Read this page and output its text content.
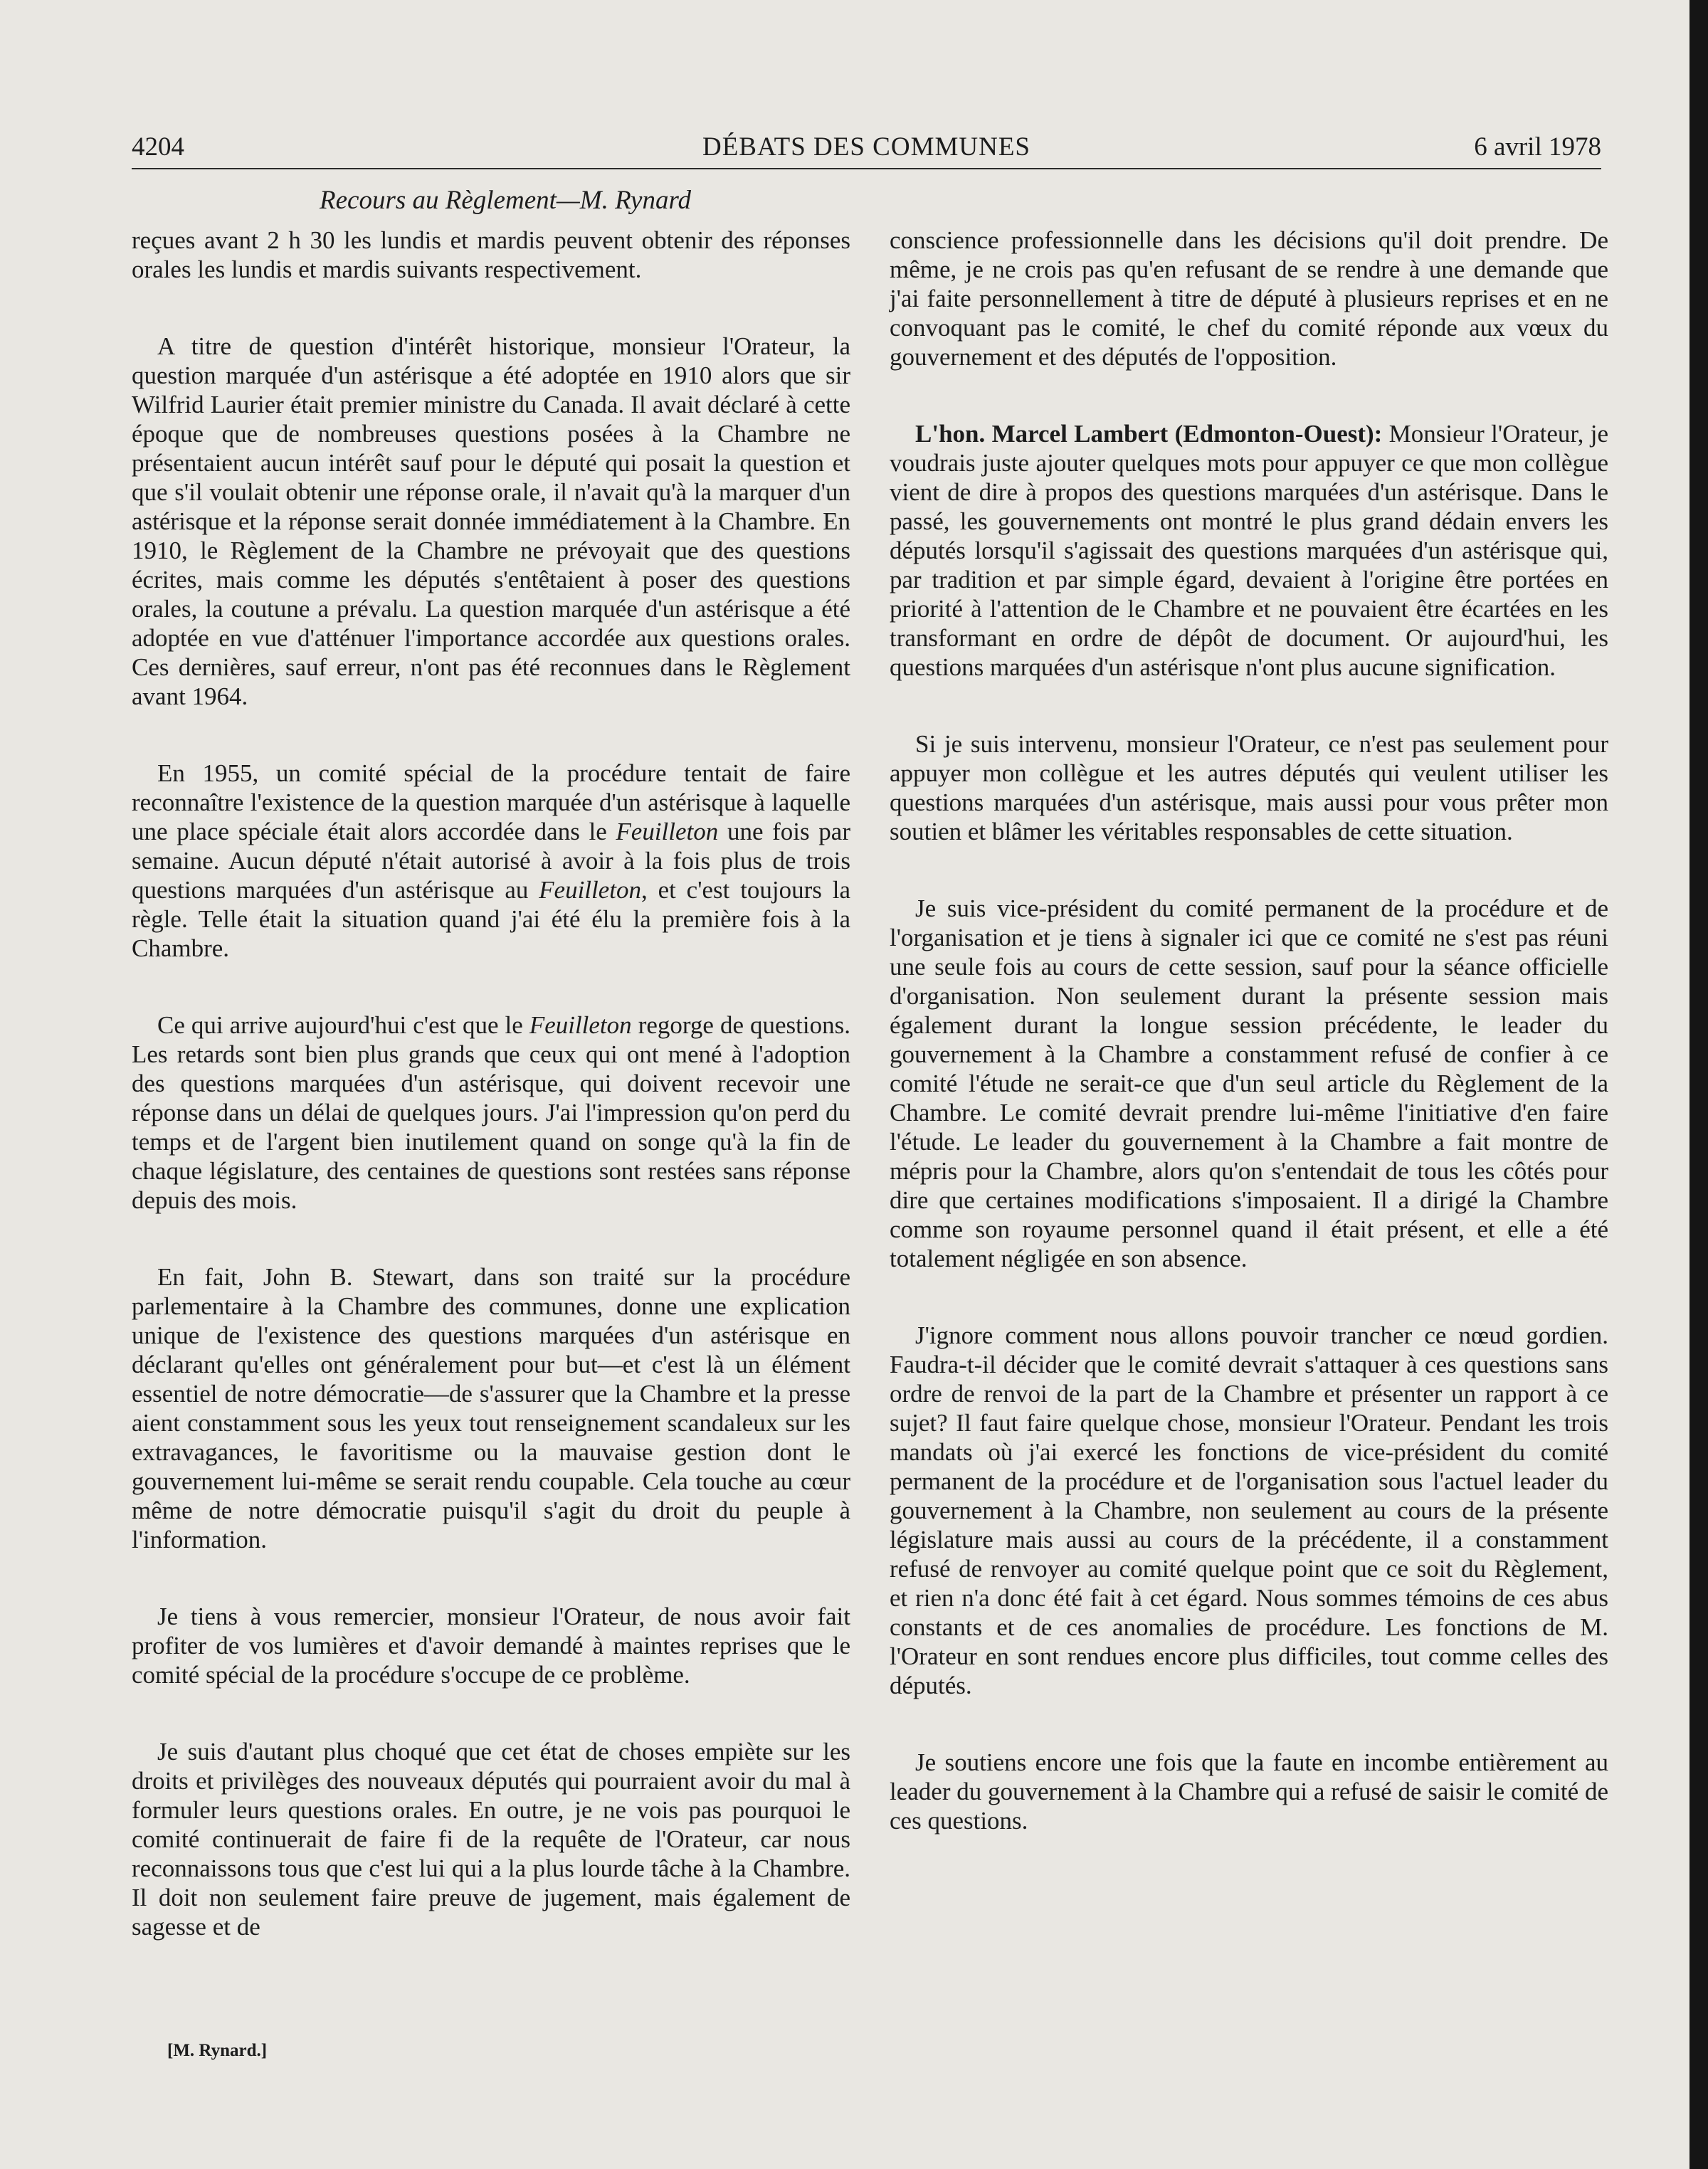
4204	DÉBATS DES COMMUNES	6 avril 1978
Recours au Règlement—M. Rynard

reçues avant 2 h 30 les lundis et mardis peuvent obtenir des réponses orales les lundis et mardis suivants respectivement.

A titre de question d'intérêt historique, monsieur l'Orateur, la question marquée d'un astérisque a été adoptée en 1910 alors que sir Wilfrid Laurier était premier ministre du Canada. Il avait déclaré à cette époque que de nombreuses questions posées à la Chambre ne présentaient aucun intérêt sauf pour le député qui posait la question et que s'il voulait obtenir une réponse orale, il n'avait qu'à la marquer d'un astérisque et la réponse serait donnée immédiatement à la Chambre. En 1910, le Règlement de la Chambre ne prévoyait que des questions écrites, mais comme les députés s'entêtaient à poser des questions orales, la coutune a prévalu. La question marquée d'un astérisque a été adoptée en vue d'atténuer l'importance accordée aux questions orales. Ces dernières, sauf erreur, n'ont pas été reconnues dans le Règlement avant 1964.

En 1955, un comité spécial de la procédure tentait de faire reconnaître l'existence de la question marquée d'un astérisque à laquelle une place spéciale était alors accordée dans le Feuilleton une fois par semaine. Aucun député n'était autorisé à avoir à la fois plus de trois questions marquées d'un astérisque au Feuilleton, et c'est toujours la règle. Telle était la situation quand j'ai été élu la première fois à la Chambre.

Ce qui arrive aujourd'hui c'est que le Feuilleton regorge de questions. Les retards sont bien plus grands que ceux qui ont mené à l'adoption des questions marquées d'un astérisque, qui doivent recevoir une réponse dans un délai de quelques jours. J'ai l'impression qu'on perd du temps et de l'argent bien inutilement quand on songe qu'à la fin de chaque législature, des centaines de questions sont restées sans réponse depuis des mois.

En fait, John B. Stewart, dans son traité sur la procédure parlementaire à la Chambre des communes, donne une explication unique de l'existence des questions marquées d'un astérisque en déclarant qu'elles ont généralement pour but—et c'est là un élément essentiel de notre démocratie—de s'assurer que la Chambre et la presse aient constamment sous les yeux tout renseignement scandaleux sur les extravagances, le favoritisme ou la mauvaise gestion dont le gouvernement lui-même se serait rendu coupable. Cela touche au cœur même de notre démocratie puisqu'il s'agit du droit du peuple à l'information.

Je tiens à vous remercier, monsieur l'Orateur, de nous avoir fait profiter de vos lumières et d'avoir demandé à maintes reprises que le comité spécial de la procédure s'occupe de ce problème.

Je suis d'autant plus choqué que cet état de choses empiète sur les droits et privilèges des nouveaux députés qui pourraient avoir du mal à formuler leurs questions orales. En outre, je ne vois pas pourquoi le comité continuerait de faire fi de la requête de l'Orateur, car nous reconnaissons tous que c'est lui qui a la plus lourde tâche à la Chambre. Il doit non seulement faire preuve de jugement, mais également de sagesse et de

conscience professionnelle dans les décisions qu'il doit prendre. De même, je ne crois pas qu'en refusant de se rendre à une demande que j'ai faite personnellement à titre de député à plusieurs reprises et en ne convoquant pas le comité, le chef du comité réponde aux vœux du gouvernement et des députés de l'opposition.

L'hon. Marcel Lambert (Edmonton-Ouest): Monsieur l'Orateur, je voudrais juste ajouter quelques mots pour appuyer ce que mon collègue vient de dire à propos des questions marquées d'un astérisque. Dans le passé, les gouvernements ont montré le plus grand dédain envers les députés lorsqu'il s'agissait des questions marquées d'un astérisque qui, par tradition et par simple égard, devaient à l'origine être portées en priorité à l'attention de le Chambre et ne pouvaient être écartées en les transformant en ordre de dépôt de document. Or aujourd'hui, les questions marquées d'un astérisque n'ont plus aucune signification.

Si je suis intervenu, monsieur l'Orateur, ce n'est pas seulement pour appuyer mon collègue et les autres députés qui veulent utiliser les questions marquées d'un astérisque, mais aussi pour vous prêter mon soutien et blâmer les véritables responsables de cette situation.

Je suis vice-président du comité permanent de la procédure et de l'organisation et je tiens à signaler ici que ce comité ne s'est pas réuni une seule fois au cours de cette session, sauf pour la séance officielle d'organisation. Non seulement durant la présente session mais également durant la longue session précédente, le leader du gouvernement à la Chambre a constamment refusé de confier à ce comité l'étude ne serait-ce que d'un seul article du Règlement de la Chambre. Le comité devrait prendre lui-même l'initiative d'en faire l'étude. Le leader du gouvernement à la Chambre a fait montre de mépris pour la Chambre, alors qu'on s'entendait de tous les côtés pour dire que certaines modifications s'imposaient. Il a dirigé la Chambre comme son royaume personnel quand il était présent, et elle a été totalement négligée en son absence.

J'ignore comment nous allons pouvoir trancher ce nœud gordien. Faudra-t-il décider que le comité devrait s'attaquer à ces questions sans ordre de renvoi de la part de la Chambre et présenter un rapport à ce sujet? Il faut faire quelque chose, monsieur l'Orateur. Pendant les trois mandats où j'ai exercé les fonctions de vice-président du comité permanent de la procédure et de l'organisation sous l'actuel leader du gouvernement à la Chambre, non seulement au cours de la présente législature mais aussi au cours de la précédente, il a constamment refusé de renvoyer au comité quelque point que ce soit du Règlement, et rien n'a donc été fait à cet égard. Nous sommes témoins de ces abus constants et de ces anomalies de procédure. Les fonctions de M. l'Orateur en sont rendues encore plus difficiles, tout comme celles des députés.

Je soutiens encore une fois que la faute en incombe entièrement au leader du gouvernement à la Chambre qui a refusé de saisir le comité de ces questions.

[M. Rynard.]
